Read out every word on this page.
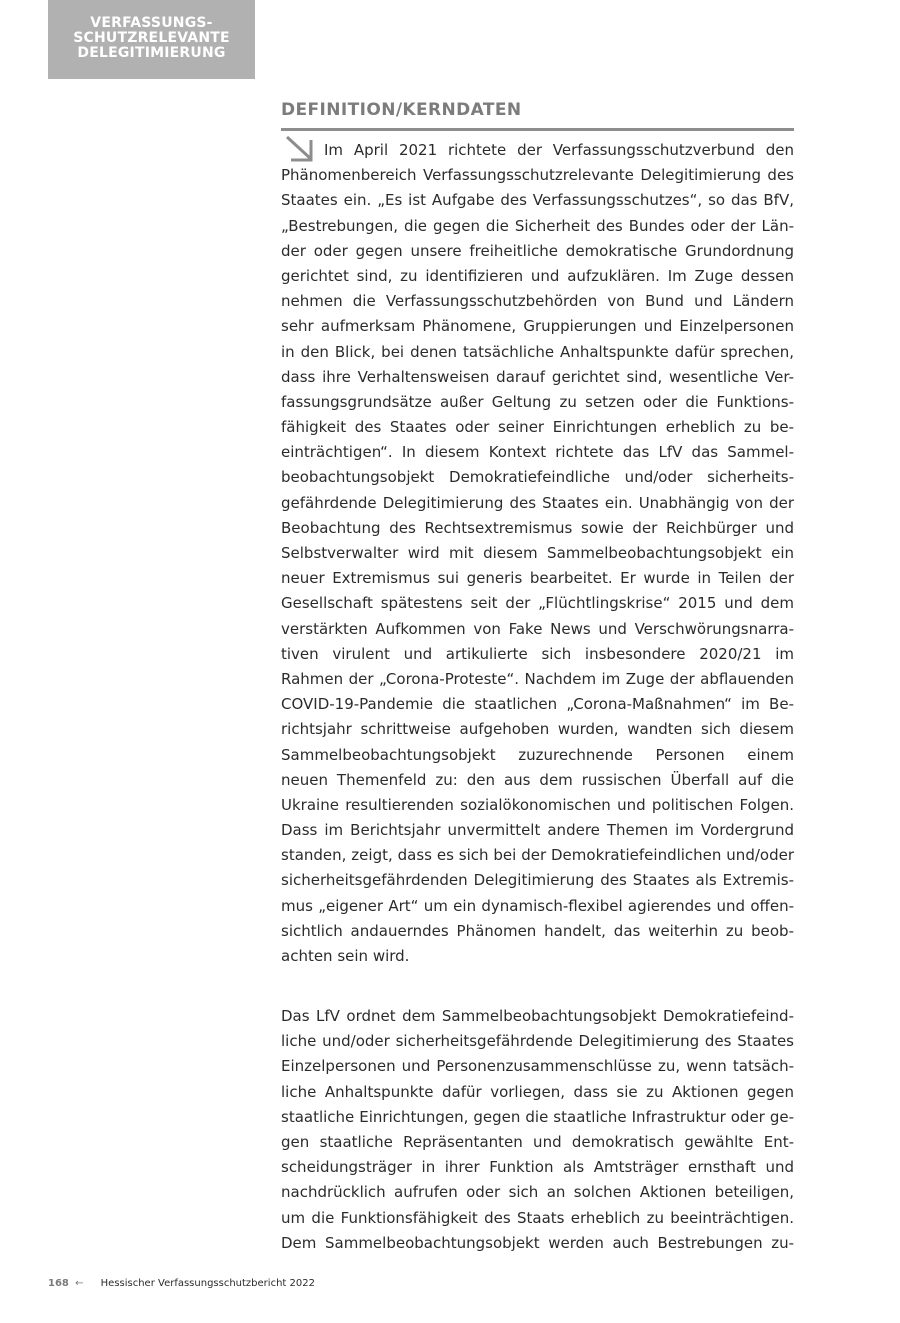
VERFASSUNGS-
SCHUTZRELEVANTE
DELEGITIMIERUNG
DEFINITION/KERNDATEN

Im April 2021 richtete der Verfassungsschutzverbund den
Phänomenbereich Verfassungsschutzrelevante Delegitimierung des
Staates ein. „Es ist Aufgabe des Verfassungsschutzes“, so das BfV,
„Bestrebungen, die gegen die Sicherheit des Bundes oder der Län-
der oder gegen unsere freiheitliche demokratische Grundordnung
gerichtet sind, zu identifizieren und aufzuklären. Im Zuge dessen
nehmen die Verfassungsschutzbehörden von Bund und Ländern
sehr aufmerksam Phänomene, Gruppierungen und Einzelpersonen
in den Blick, bei denen tatsächliche Anhaltspunkte dafür sprechen,
dass ihre Verhaltensweisen darauf gerichtet sind, wesentliche Ver-
fassungsgrundsätze außer Geltung zu setzen oder die Funktions-
fähigkeit des Staates oder seiner Einrichtungen erheblich zu be-
einträchtigen“. In diesem Kontext richtete das LfV das Sammel-
beobachtungsobjekt Demokratiefeindliche und/oder sicherheits-
gefährdende Delegitimierung des Staates ein. Unabhängig von der
Beobachtung des Rechtsextremismus sowie der Reichbürger und
Selbstverwalter wird mit diesem Sammelbeobachtungsobjekt ein
neuer Extremismus sui generis bearbeitet. Er wurde in Teilen der
Gesellschaft spätestens seit der „Flüchtlingskrise“ 2015 und dem
verstärkten Aufkommen von Fake News und Verschwörungsnarra-
tiven virulent und artikulierte sich insbesondere 2020/21 im
Rahmen der „Corona-Proteste“. Nachdem im Zuge der abflauenden
COVID-19-Pandemie die staatlichen „Corona-Maßnahmen“ im Be-
richtsjahr schrittweise aufgehoben wurden, wandten sich diesem
Sammelbeobachtungsobjekt zuzurechnende Personen einem
neuen Themenfeld zu: den aus dem russischen Überfall auf die
Ukraine resultierenden sozialökonomischen und politischen Folgen.
Dass im Berichtsjahr unvermittelt andere Themen im Vordergrund
standen, zeigt, dass es sich bei der Demokratiefeindlichen und/oder
sicherheitsgefährdenden Delegitimierung des Staates als Extremis-
mus „eigener Art“ um ein dynamisch-flexibel agierendes und offen-
sichtlich andauerndes Phänomen handelt, das weiterhin zu beob-
achten sein wird.

Das LfV ordnet dem Sammelbeobachtungsobjekt Demokratiefeind-
liche und/oder sicherheitsgefährdende Delegitimierung des Staates
Einzelpersonen und Personenzusammenschlüsse zu, wenn tatsäch-
liche Anhaltspunkte dafür vorliegen, dass sie zu Aktionen gegen
staatliche Einrichtungen, gegen die staatliche Infrastruktur oder ge-
gen staatliche Repräsentanten und demokratisch gewählte Ent-
scheidungsträger in ihrer Funktion als Amtsträger ernsthaft und
nachdrücklich aufrufen oder sich an solchen Aktionen beteiligen,
um die Funktionsfähigkeit des Staats erheblich zu beeinträchtigen.
Dem Sammelbeobachtungsobjekt werden auch Bestrebungen zu-

168 ← Hessischer Verfassungsschutzbericht 2022
